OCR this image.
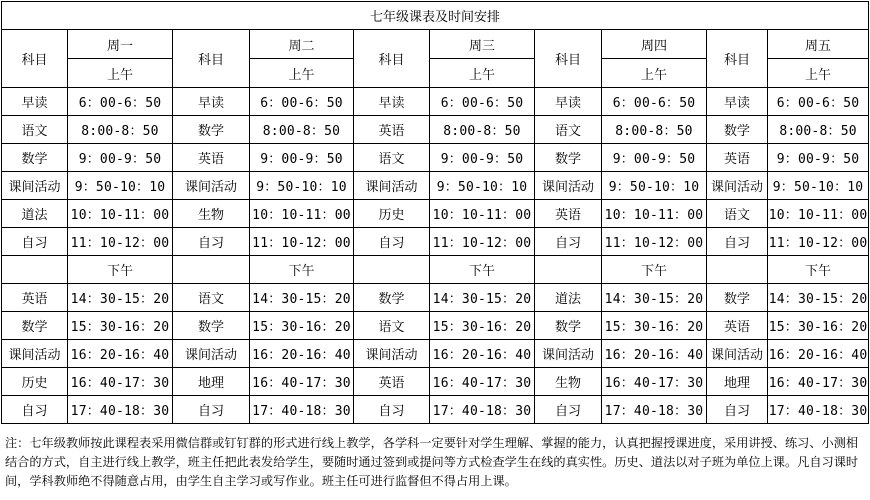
七年级课表及时间安排									
科目	周一	科目	周二	科目	周三	科目	周四	科目	周五
	上午		上午		上午		上午		上午
早读	6：00-6：50	早读	6：00-6：50	早读	6：00-6：50	早读	6：00-6：50	早读	6：00-6：50
语文	8:00-8：50	数学	8:00-8：50	英语	8:00-8：50	语文	8:00-8：50	数学	8:00-8：50
数学	9：00-9：50	英语	9：00-9：50	语文	9：00-9：50	数学	9：00-9：50	英语	9：00-9：50
课间活动	9：50-10：10	课间活动	9：50-10：10	课间活动	9：50-10：10	课间活动	9：50-10：10	课间活动	9：50-10：10
道法	10：10-11：00	生物	10：10-11：00	历史	10：10-11：00	英语	10：10-11：00	语文	10：10-11：00
自习	11：10-12：00	自习	11：10-12：00	自习	11：10-12：00	自习	11：10-12：00	自习	11：10-12：00
	下午		下午		下午		下午		下午
英语	14：30-15：20	语文	14：30-15：20	数学	14：30-15：20	道法	14：30-15：20	数学	14：30-15：20
数学	15：30-16：20	数学	15：30-16：20	语文	15：30-16：20	数学	15：30-16：20	英语	15：30-16：20
课间活动	16：20-16：40	课间活动	16：20-16：40	课间活动	16：20-16：40	课间活动	16：20-16：40	课间活动	16：20-16：40
历史	16：40-17：30	地理	16：40-17：30	英语	16：40-17：30	生物	16：40-17：30	地理	16：40-17：30
自习	17：40-18：30	自习	17：40-18：30	自习	17：40-18：30	自习	17：40-18：30	自习	17：40-18：30
注：七年级教师按此课程表采用微信群或钉钉群的形式进行线上教学，各学科一定要针对学生理解、掌握的能力，认真把握授课进度，采用讲授、练习、小测相结合的方式，自主进行线上教学，班主任把此表发给学生，要随时通过签到或提问等方式检查学生在线的真实性。历史、道法以对子班为单位上课。凡自习课时间，学科教师绝不得随意占用，由学生自主学习或写作业。班主任可进行监督但不得占用上课。
